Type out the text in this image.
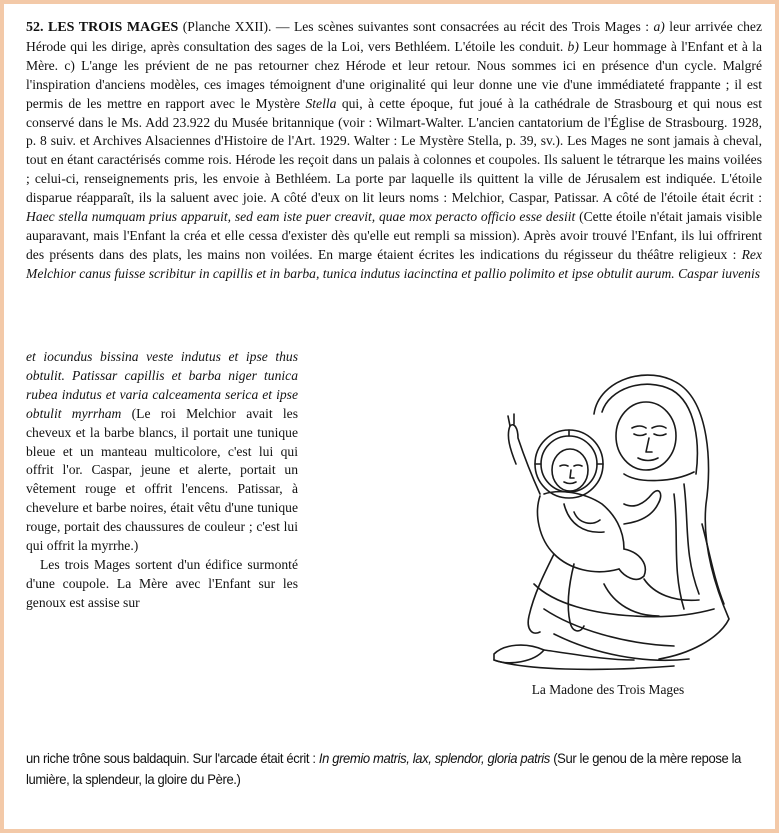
52. LES TROIS MAGES (Planche XXII). — Les scènes suivantes sont consacrées au récit des Trois Mages : a) leur arrivée chez Hérode qui les dirige, après consultation des sages de la Loi, vers Bethléem. L'étoile les conduit. b) Leur hommage à l'Enfant et à la Mère. c) L'ange les prévient de ne pas retourner chez Hérode et leur retour. Nous sommes ici en présence d'un cycle. Malgré l'inspiration d'anciens modèles, ces images témoignent d'une originalité qui leur donne une vie d'une immédiateté frappante ; il est permis de les mettre en rapport avec le Mystère Stella qui, à cette époque, fut joué à la cathédrale de Strasbourg et qui nous est conservé dans le Ms. Add 23.922 du Musée britannique (voir : Wilmart-Walter. L'ancien cantatorium de l'Église de Strasbourg. 1928, p. 8 suiv. et Archives Alsaciennes d'Histoire de l'Art. 1929. Walter : Le Mystère Stella, p. 39, sv.). Les Mages ne sont jamais à cheval, tout en étant caractérisés comme rois. Hérode les reçoit dans un palais à colonnes et coupoles. Ils saluent le tétrarque les mains voilées ; celui-ci, renseignements pris, les envoie à Bethléem. La porte par laquelle ils quittent la ville de Jérusalem est indiquée. L'étoile disparue réapparaît, ils la saluent avec joie. A côté d'eux on lit leurs noms : Melchior, Caspar, Patissar. A côté de l'étoile était écrit : Haec stella numquam prius apparuit, sed eam iste puer creavit, quae mox peracto officio esse desiit (Cette étoile n'était jamais visible auparavant, mais l'Enfant la créa et elle cessa d'exister dès qu'elle eut rempli sa mission). Après avoir trouvé l'Enfant, ils lui offrirent des présents dans des plats, les mains non voilées. En marge étaient écrites les indications du régisseur du théâtre religieux : Rex Melchior canus fuisse scribitur in capillis et in barba, tunica indutus iacinctina et pallio polimito et ipse obtulit aurum. Caspar iuvenis

et iocundus bissina veste indutus et ipse thus obtulit. Patissar capillis et barba niger tunica rubea indutus et varia calceamenta serica et ipse obtulit myrrham (Le roi Melchior avait les cheveux et la barbe blancs, il portait une tunique bleue et un manteau multicolore, c'est lui qui offrit l'or. Caspar, jeune et alerte, portait un vêtement rouge et offrit l'encens. Patissar, à chevelure et barbe noires, était vêtu d'une tunique rouge, portait des chaussures de couleur ; c'est lui qui offrit la myrrhe.)

Les trois Mages sortent d'un édifice surmonté d'une coupole. La Mère avec l'Enfant sur les genoux est assise sur

La Madone des Trois Mages
un riche trône sous baldaquin. Sur l'arcade était écrit : In gremio matris, lax, splendor, gloria patris (Sur le genou de la mère repose la lumière, la splendeur, la gloire du Père.)
